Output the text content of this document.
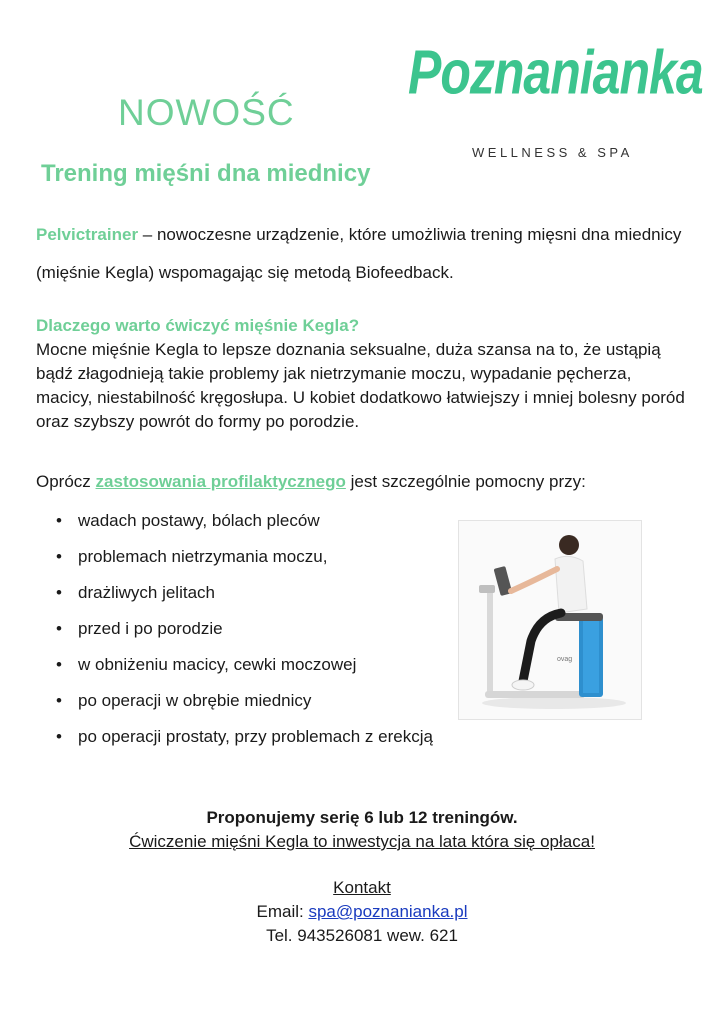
NOWOŚĆ
Poznanianka
WELLNESS & SPA
Trening mięśni dna miednicy
Pelvictrainer – nowoczesne urządzenie, które umożliwia trening mięsni dna miednicy (mięśnie Kegla) wspomagając się metodą Biofeedback.
Dlaczego warto ćwiczyć mięśnie Kegla?
Mocne mięśnie Kegla to lepsze doznania seksualne, duża szansa na to, że ustąpią bądź złagodnieją takie problemy jak nietrzymanie moczu, wypadanie pęcherza, macicy, niestabilność kręgosłupa. U kobiet dodatkowo łatwiejszy i mniej bolesny poród oraz szybszy powrót do formy po porodzie.
Oprócz zastosowania profilaktycznego jest szczególnie pomocny przy:
• wadach postawy, bólach pleców
• problemach nietrzymania moczu,
• drażliwych jelitach
• przed i po porodzie
• w obniżeniu macicy, cewki moczowej
• po operacji w obrębie miednicy
• po operacji prostaty, przy problemach z erekcją
ovag
Proponujemy serię 6 lub 12 treningów.
Ćwiczenie mięśni Kegla to inwestycja na lata która się opłaca!
Kontakt
Email: spa@poznanianka.pl
Tel. 943526081 wew. 621
